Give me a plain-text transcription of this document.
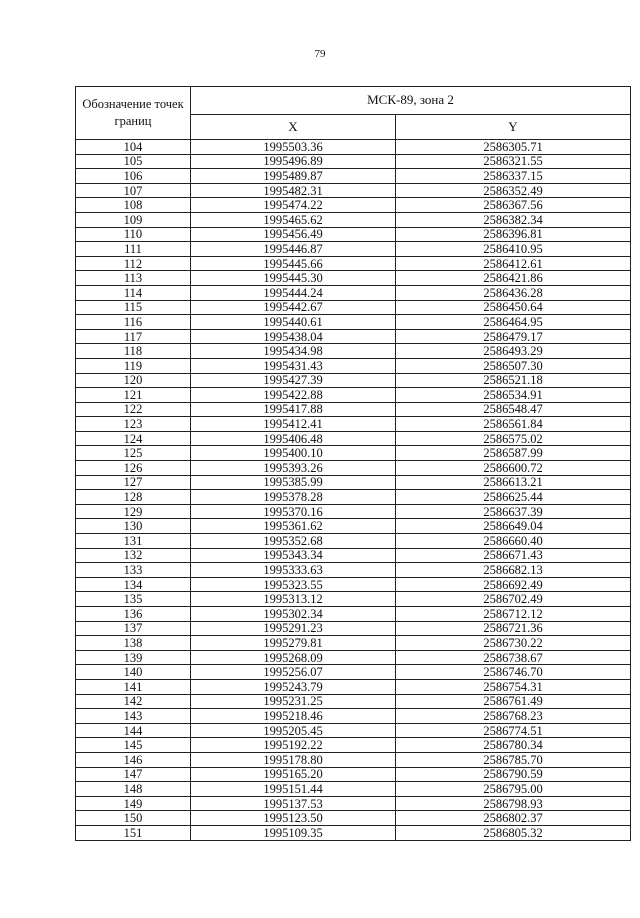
79
Обозначение точек границ	МСК-89, зона 2	
	X	Y
104	1995503.36	2586305.71
105	1995496.89	2586321.55
106	1995489.87	2586337.15
107	1995482.31	2586352.49
108	1995474.22	2586367.56
109	1995465.62	2586382.34
110	1995456.49	2586396.81
111	1995446.87	2586410.95
112	1995445.66	2586412.61
113	1995445.30	2586421.86
114	1995444.24	2586436.28
115	1995442.67	2586450.64
116	1995440.61	2586464.95
117	1995438.04	2586479.17
118	1995434.98	2586493.29
119	1995431.43	2586507.30
120	1995427.39	2586521.18
121	1995422.88	2586534.91
122	1995417.88	2586548.47
123	1995412.41	2586561.84
124	1995406.48	2586575.02
125	1995400.10	2586587.99
126	1995393.26	2586600.72
127	1995385.99	2586613.21
128	1995378.28	2586625.44
129	1995370.16	2586637.39
130	1995361.62	2586649.04
131	1995352.68	2586660.40
132	1995343.34	2586671.43
133	1995333.63	2586682.13
134	1995323.55	2586692.49
135	1995313.12	2586702.49
136	1995302.34	2586712.12
137	1995291.23	2586721.36
138	1995279.81	2586730.22
139	1995268.09	2586738.67
140	1995256.07	2586746.70
141	1995243.79	2586754.31
142	1995231.25	2586761.49
143	1995218.46	2586768.23
144	1995205.45	2586774.51
145	1995192.22	2586780.34
146	1995178.80	2586785.70
147	1995165.20	2586790.59
148	1995151.44	2586795.00
149	1995137.53	2586798.93
150	1995123.50	2586802.37
151	1995109.35	2586805.32
